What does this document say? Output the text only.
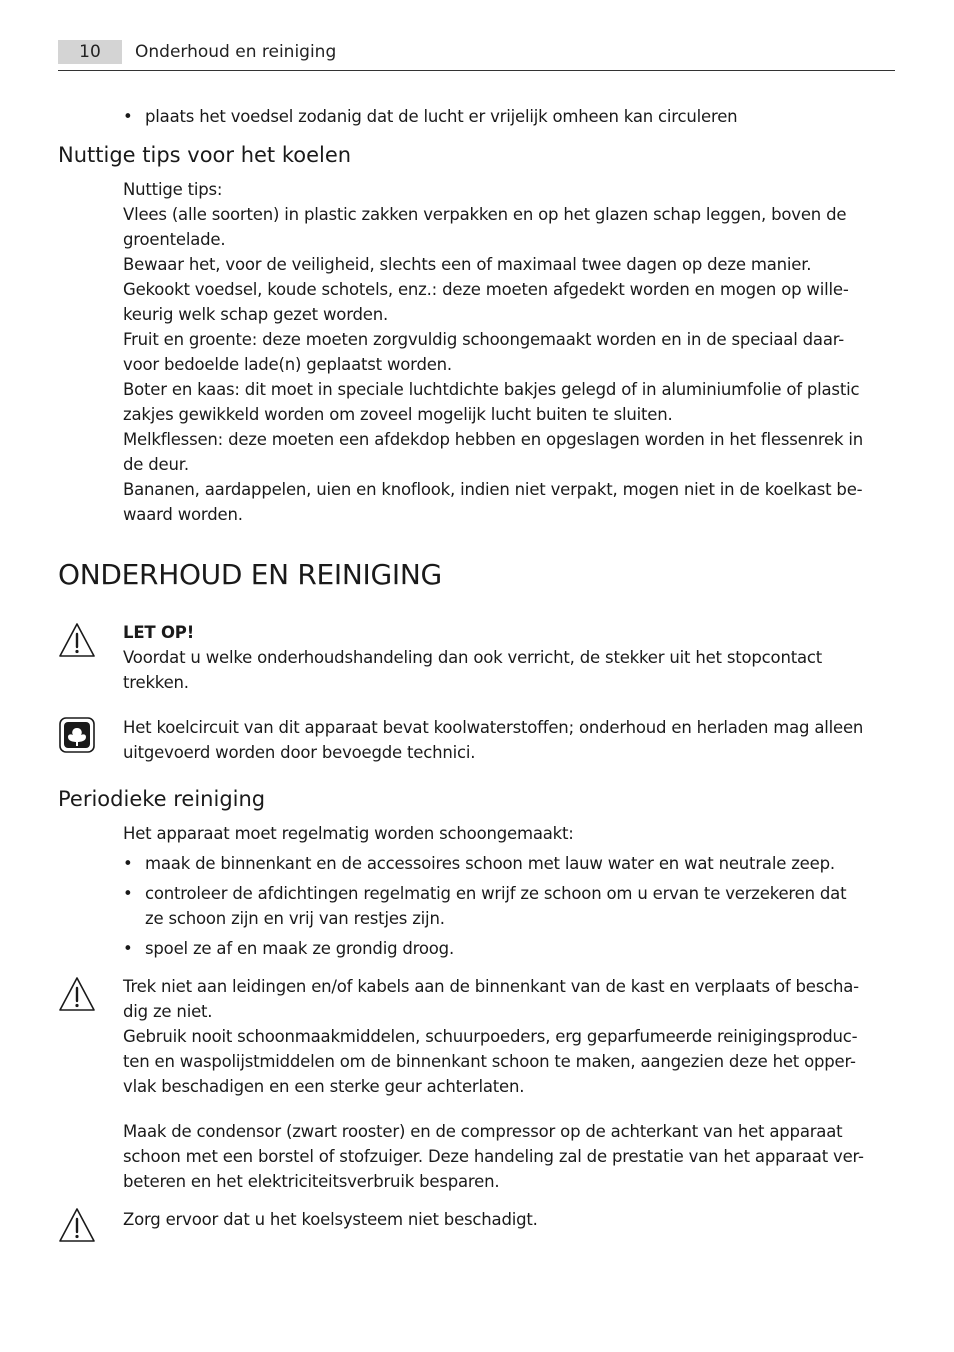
10	Onderhoud en reiniging
• plaats het voedsel zodanig dat de lucht er vrijelijk omheen kan circuleren
Nuttige tips voor het koelen

Nuttige tips:

Vlees (alle soorten) in plastic zakken verpakken en op het glazen schap leggen, boven de

groentelade.

Bewaar het, voor de veiligheid, slechts een of maximaal twee dagen op deze manier.

Gekookt voedsel, koude schotels, enz.: deze moeten afgedekt worden en mogen op wille-

keurig welk schap gezet worden.

Fruit en groente: deze moeten zorgvuldig schoongemaakt worden en in de speciaal daar-

voor bedoelde lade(n) geplaatst worden.

Boter en kaas: dit moet in speciale luchtdichte bakjes gelegd of in aluminiumfolie of plastic

zakjes gewikkeld worden om zoveel mogelijk lucht buiten te sluiten.

Melkflessen: deze moeten een afdekdop hebben en opgeslagen worden in het flessenrek in

de deur.

Bananen, aardappelen, uien en knoflook, indien niet verpakt, mogen niet in de koelkast be-

waard worden.

ONDERHOUD EN REINIGING

LET OP!

Voordat u welke onderhoudshandeling dan ook verricht, de stekker uit het stopcontact

trekken.

Het koelcircuit van dit apparaat bevat koolwaterstoffen; onderhoud en herladen mag alleen

uitgevoerd worden door bevoegde technici.

Periodieke reiniging
Het apparaat moet regelmatig worden schoongemaakt:
• maak de binnenkant en de accessoires schoon met lauw water en wat neutrale zeep.
• controleer de afdichtingen regelmatig en wrijf ze schoon om u ervan te verzekeren dat

ze schoon zijn en vrij van restjes zijn.

• spoel ze af en maak ze grondig droog.

Trek niet aan leidingen en/of kabels aan de binnenkant van de kast en verplaats of bescha-

dig ze niet.

Gebruik nooit schoonmaakmiddelen, schuurpoeders, erg geparfumeerde reinigingsproduc-

ten en waspolijstmiddelen om de binnenkant schoon te maken, aangezien deze het opper-

vlak beschadigen en een sterke geur achterlaten.

Maak de condensor (zwart rooster) en de compressor op de achterkant van het apparaat

schoon met een borstel of stofzuiger. Deze handeling zal de prestatie van het apparaat ver-

beteren en het elektriciteitsverbruik besparen.

Zorg ervoor dat u het koelsysteem niet beschadigt.
